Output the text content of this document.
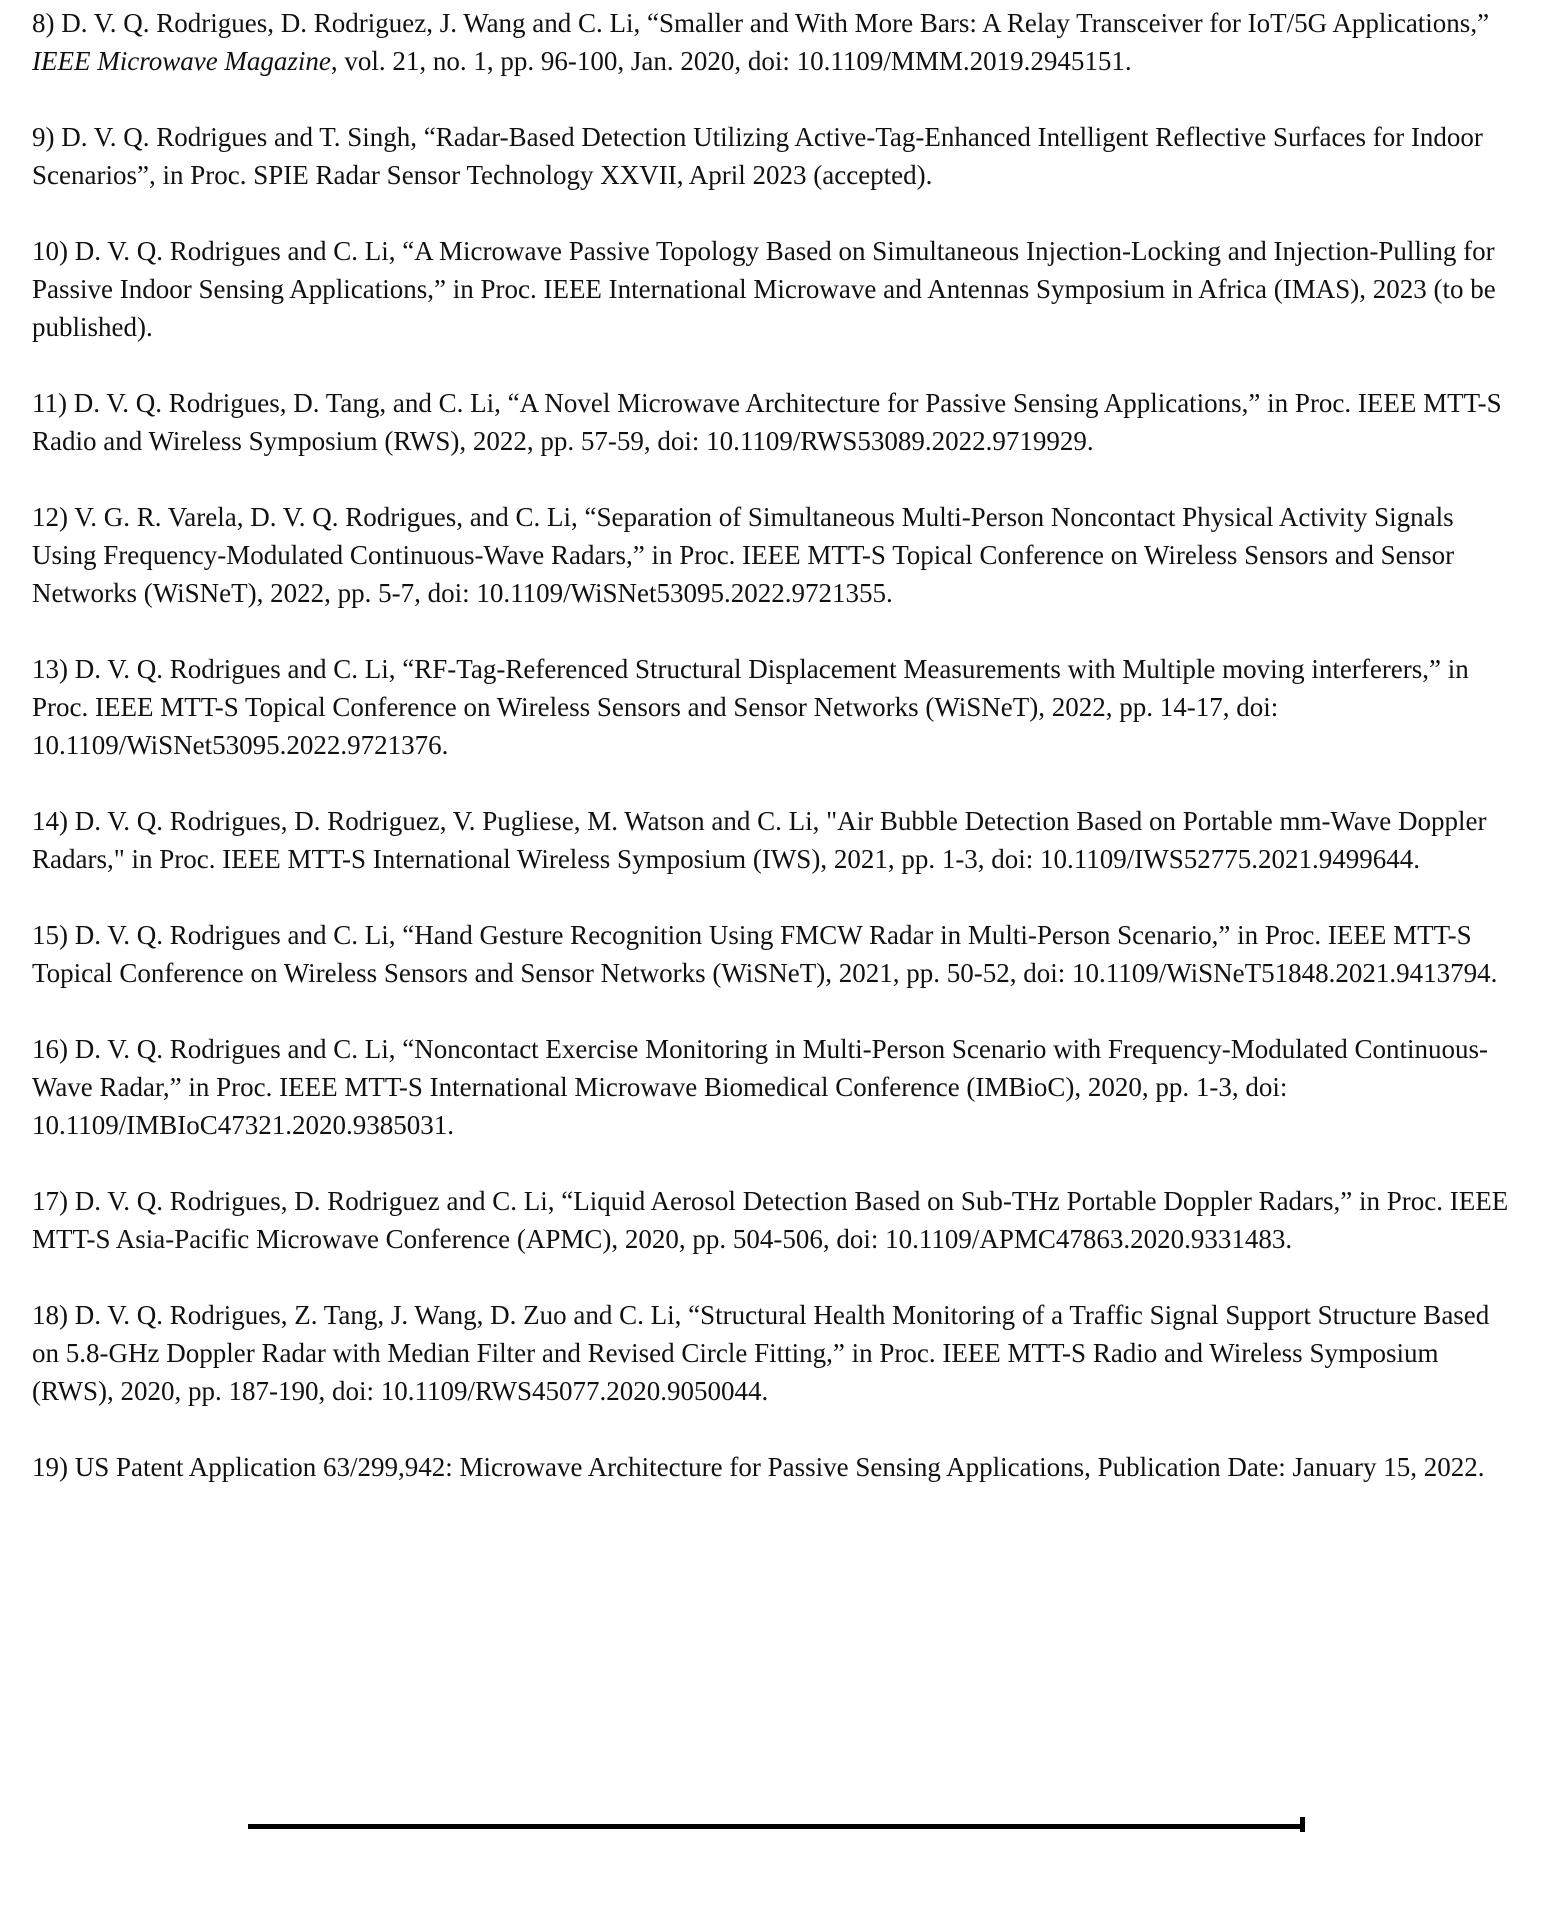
8) D. V. Q. Rodrigues, D. Rodriguez, J. Wang and C. Li, “Smaller and With More Bars: A Relay Transceiver for IoT/5G Applications,” IEEE Microwave Magazine, vol. 21, no. 1, pp. 96-100, Jan. 2020, doi: 10.1109/MMM.2019.2945151.

9) D. V. Q. Rodrigues and T. Singh, “Radar-Based Detection Utilizing Active-Tag-Enhanced Intelligent Reflective Surfaces for Indoor Scenarios”, in Proc. SPIE Radar Sensor Technology XXVII, April 2023 (accepted).

10) D. V. Q. Rodrigues and C. Li, “A Microwave Passive Topology Based on Simultaneous Injection-Locking and Injection-Pulling for Passive Indoor Sensing Applications,” in Proc. IEEE International Microwave and Antennas Symposium in Africa (IMAS), 2023 (to be published).

11) D. V. Q. Rodrigues, D. Tang, and C. Li, “A Novel Microwave Architecture for Passive Sensing Applications,” in Proc. IEEE MTT-S Radio and Wireless Symposium (RWS), 2022, pp. 57-59, doi: 10.1109/RWS53089.2022.9719929.

12) V. G. R. Varela, D. V. Q. Rodrigues, and C. Li, “Separation of Simultaneous Multi-Person Noncontact Physical Activity Signals Using Frequency-Modulated Continuous-Wave Radars,” in Proc. IEEE MTT-S Topical Conference on Wireless Sensors and Sensor Networks (WiSNeT), 2022, pp. 5-7, doi: 10.1109/WiSNet53095.2022.9721355.

13) D. V. Q. Rodrigues and C. Li, “RF-Tag-Referenced Structural Displacement Measurements with Multiple moving interferers,” in Proc. IEEE MTT-S Topical Conference on Wireless Sensors and Sensor Networks (WiSNeT), 2022, pp. 14-17, doi: 10.1109/WiSNet53095.2022.9721376.

14) D. V. Q. Rodrigues, D. Rodriguez, V. Pugliese, M. Watson and C. Li, "Air Bubble Detection Based on Portable mm-Wave Doppler Radars," in Proc. IEEE MTT-S International Wireless Symposium (IWS), 2021, pp. 1-3, doi: 10.1109/IWS52775.2021.9499644.

15) D. V. Q. Rodrigues and C. Li, “Hand Gesture Recognition Using FMCW Radar in Multi-Person Scenario,” in Proc. IEEE MTT-S Topical Conference on Wireless Sensors and Sensor Networks (WiSNeT), 2021, pp. 50-52, doi: 10.1109/WiSNeT51848.2021.9413794.

16) D. V. Q. Rodrigues and C. Li, “Noncontact Exercise Monitoring in Multi-Person Scenario with Frequency-Modulated Continuous-Wave Radar,” in Proc. IEEE MTT-S International Microwave Biomedical Conference (IMBioC), 2020, pp. 1-3, doi: 10.1109/IMBIoC47321.2020.9385031.

17) D. V. Q. Rodrigues, D. Rodriguez and C. Li, “Liquid Aerosol Detection Based on Sub-THz Portable Doppler Radars,” in Proc. IEEE MTT-S Asia-Pacific Microwave Conference (APMC), 2020, pp. 504-506, doi: 10.1109/APMC47863.2020.9331483.

18) D. V. Q. Rodrigues, Z. Tang, J. Wang, D. Zuo and C. Li, “Structural Health Monitoring of a Traffic Signal Support Structure Based on 5.8-GHz Doppler Radar with Median Filter and Revised Circle Fitting,” in Proc. IEEE MTT-S Radio and Wireless Symposium (RWS), 2020, pp. 187-190, doi: 10.1109/RWS45077.2020.9050044.

19) US Patent Application 63/299,942: Microwave Architecture for Passive Sensing Applications, Publication Date: January 15, 2022.
